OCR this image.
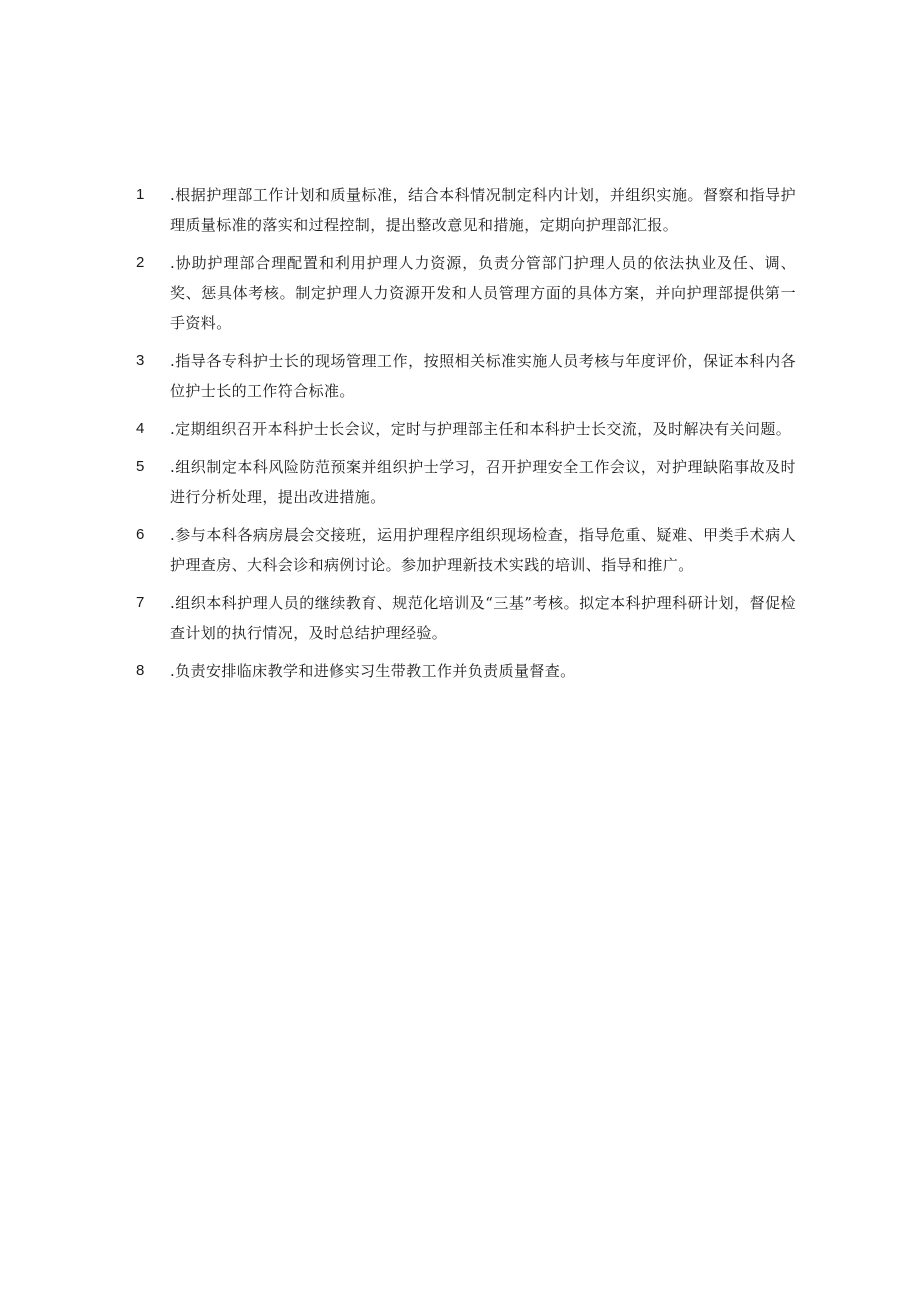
1	.根据护理部工作计划和质量标准，结合本科情况制定科内计划，并组织实施。督察和指导护理质量标准的落实和过程控制，提出整改意见和措施，定期向护理部汇报。
2	.协助护理部合理配置和利用护理人力资源，负责分管部门护理人员的依法执业及任、调、奖、惩具体考核。制定护理人力资源开发和人员管理方面的具体方案，并向护理部提供第一手资料。
3	.指导各专科护士长的现场管理工作，按照相关标准实施人员考核与年度评价，保证本科内各位护士长的工作符合标准。
4	.定期组织召开本科护士长会议，定时与护理部主任和本科护士长交流，及时解决有关问题。
5	.组织制定本科风险防范预案并组织护士学习，召开护理安全工作会议，对护理缺陷事故及时进行分析处理，提出改进措施。
6	.参与本科各病房晨会交接班，运用护理程序组织现场检查，指导危重、疑难、甲类手术病人护理查房、大科会诊和病例讨论。参加护理新技术实践的培训、指导和推广。
7	.组织本科护理人员的继续教育、规范化培训及“三基”考核。拟定本科护理科研计划，督促检查计划的执行情况，及时总结护理经验。
8	.负责安排临床教学和进修实习生带教工作并负责质量督查。
